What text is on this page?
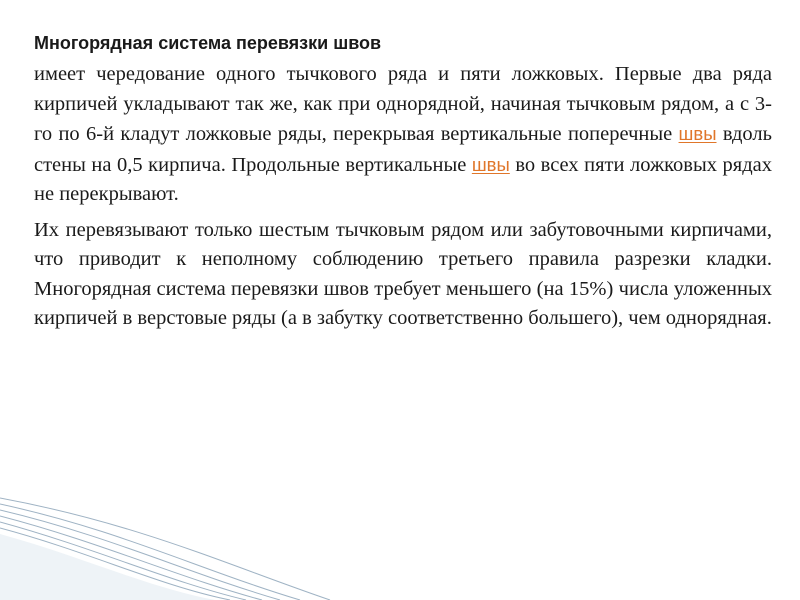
Многорядная система перевязки швов

имеет чередование одного тычкового ряда и пяти ложковых. Первые два ряда кирпичей укладывают так же, как при однорядной, начиная тычковым рядом, а с 3-го по 6-й кладут ложковые ряды, перекрывая вертикальные поперечные швы вдоль стены на 0,5 кирпича. Продольные вертикальные швы во всех пяти ложковых рядах не перекрывают.

Их перевязывают только шестым тычковым рядом или забутовочными кирпичами, что приводит к неполному соблюдению третьего правила разрезки кладки. Многорядная система перевязки швов требует меньшего (на 15%) числа уложенных кирпичей в верстовые ряды (а в забутку соответственно большего), чем однорядная.
